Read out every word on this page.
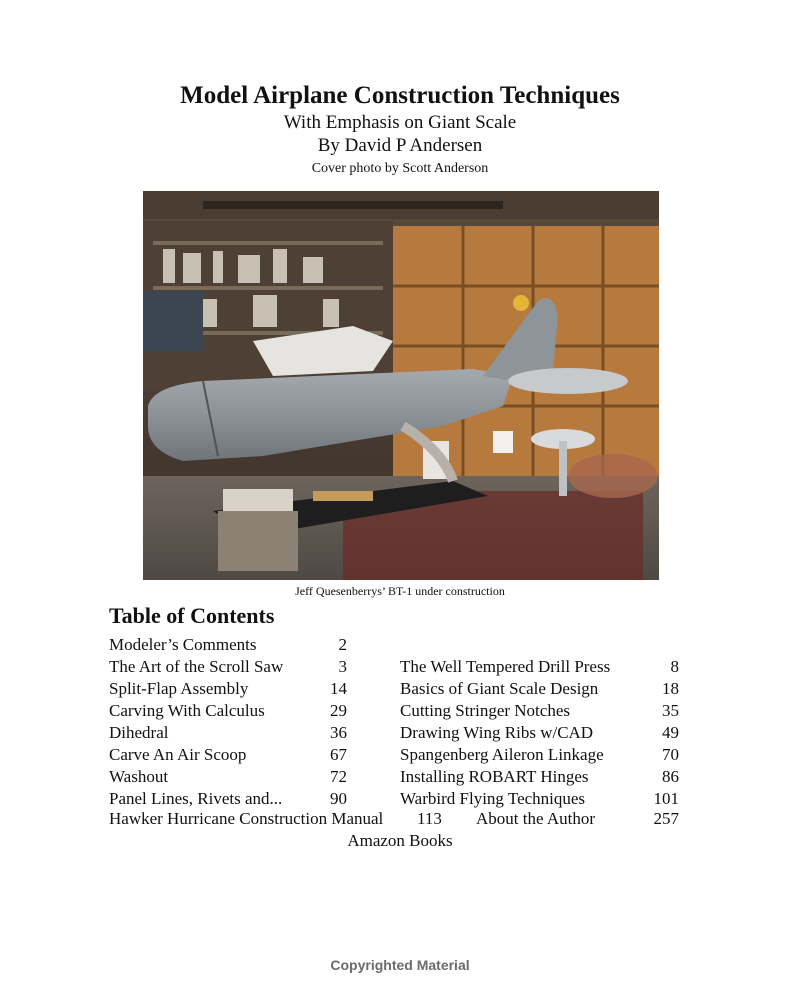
Model Airplane Construction Techniques
With Emphasis on Giant Scale
By David P Andersen
Cover photo by Scott Anderson
Jeff Quesenberrys’ BT-1 under construction
Table of Contents
Modeler’s Comments	2
The Art of the Scroll Saw	3	The Well Tempered Drill Press	8
Split-Flap Assembly	14	Basics of Giant Scale Design	18
Carving With Calculus	29	Cutting Stringer Notches	35
Dihedral	36	Drawing Wing Ribs w/CAD	49
Carve An Air Scoop	67	Spangenberg Aileron Linkage	70
Washout	72	Installing ROBART Hinges	86
Panel Lines, Rivets and...	90	Warbird Flying Techniques	101
Hawker Hurricane Construction Manual 113 About the Author	257
Amazon Books
Copyrighted Material
